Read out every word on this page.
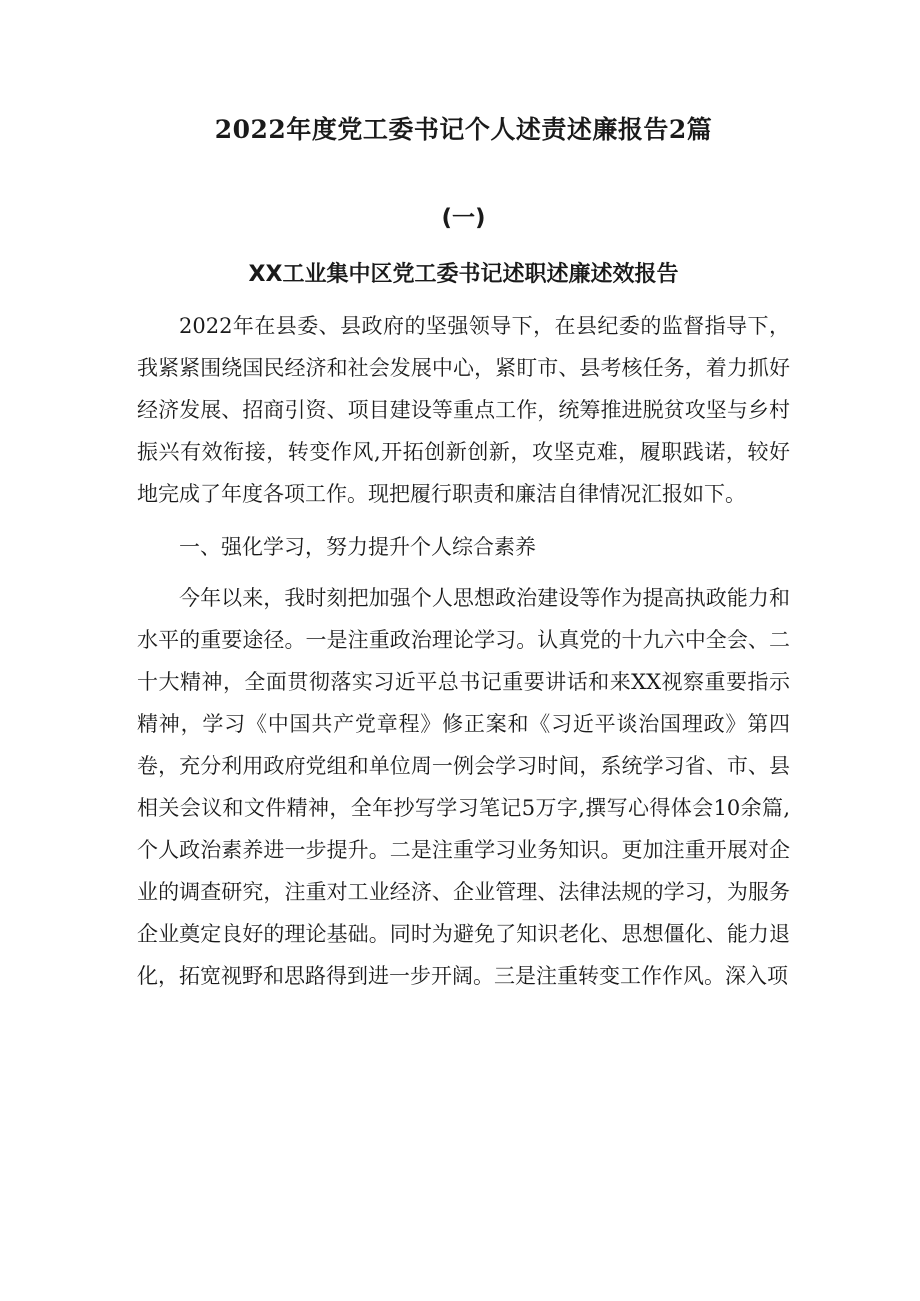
2022年度党工委书记个人述责述廉报告2篇
(一)
XX工业集中区党工委书记述职述廉述效报告

2022年在县委、县政府的坚强领导下，在县纪委的监督指导下，我紧紧围绕国民经济和社会发展中心，紧盯市、县考核任务，着力抓好经济发展、招商引资、项目建设等重点工作，统筹推进脱贫攻坚与乡村振兴有效衔接，转变作风,开拓创新创新，攻坚克难，履职践诺，较好地完成了年度各项工作。现把履行职责和廉洁自律情况汇报如下。

一、强化学习，努力提升个人综合素养

今年以来，我时刻把加强个人思想政治建设等作为提高执政能力和水平的重要途径。一是注重政治理论学习。认真党的十九六中全会、二十大精神，全面贯彻落实习近平总书记重要讲话和来XX视察重要指示精神，学习《中国共产党章程》修正案和《习近平谈治国理政》第四卷，充分利用政府党组和单位周一例会学习时间，系统学习省、市、县相关会议和文件精神，全年抄写学习笔记5万字,撰写心得体会10余篇,个人政治素养进一步提升。二是注重学习业务知识。更加注重开展对企业的调查研究，注重对工业经济、企业管理、法律法规的学习，为服务企业奠定良好的理论基础。同时为避免了知识老化、思想僵化、能力退化，拓宽视野和思路得到进一步开阔。三是注重转变工作作风。深入项
